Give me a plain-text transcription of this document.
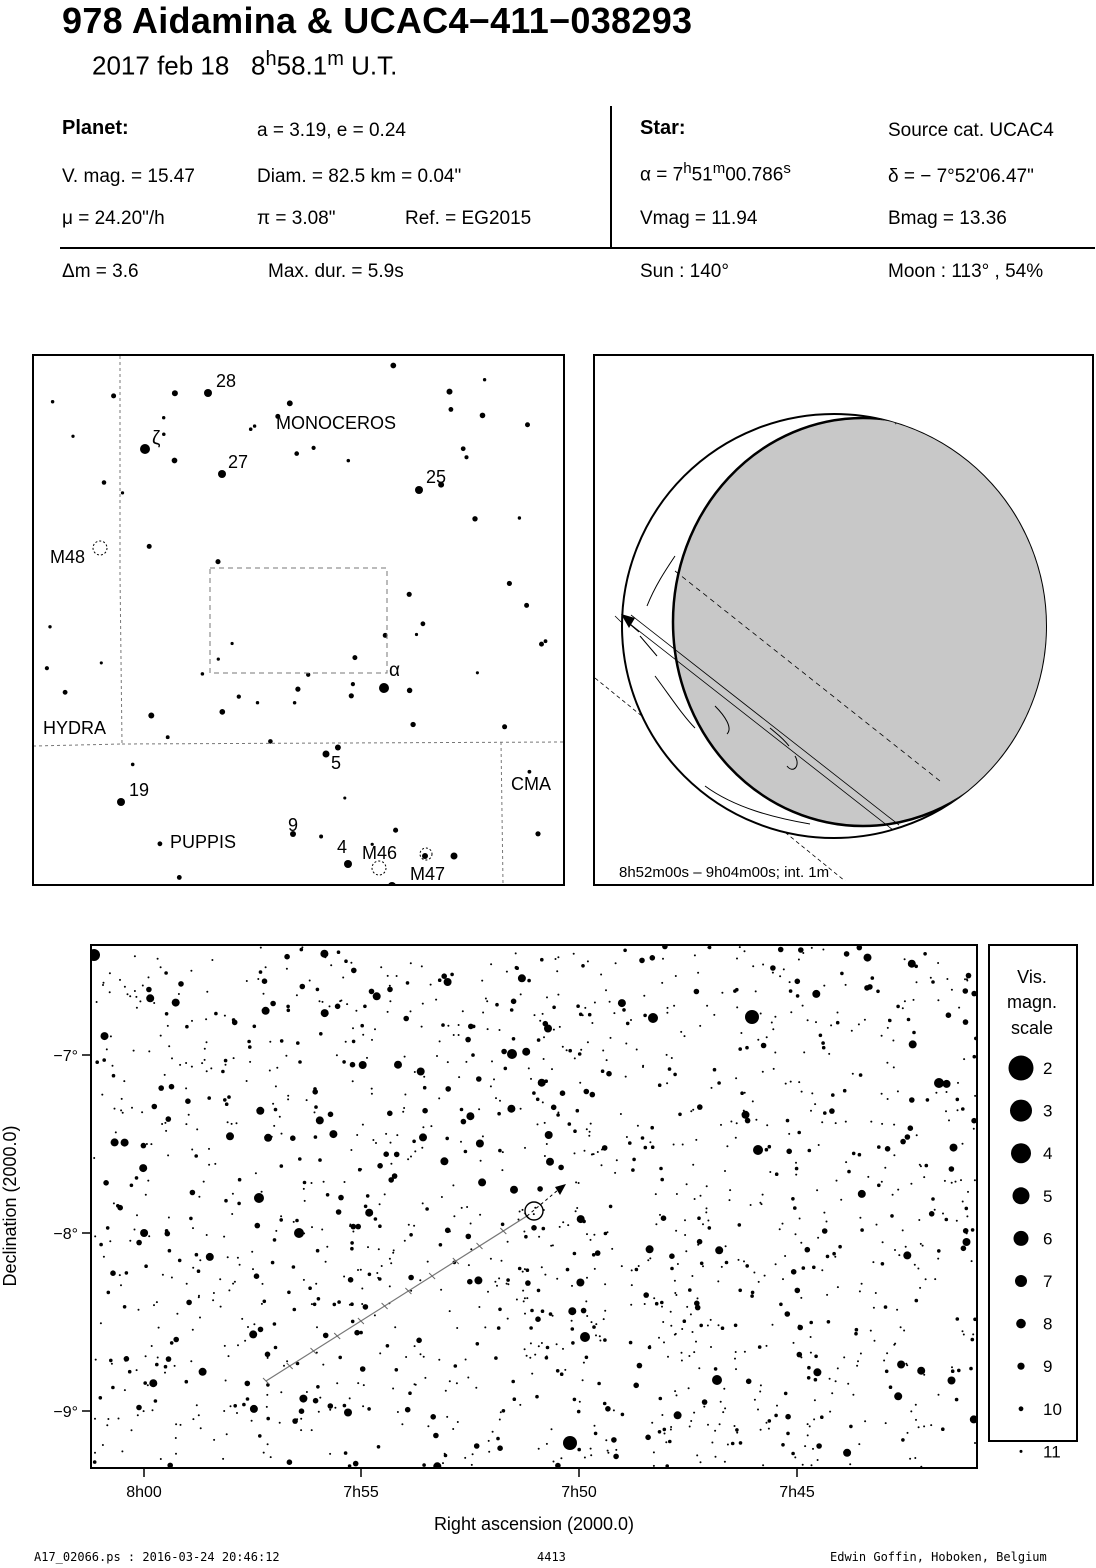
978 Aidamina & UCAC4−411−038293
2017 feb 18 8$^h$58.1$^m$ U.T.
Planet:	a = 3.19, e = 0.24
V. mag. = 15.47	Diam. = 82.5 km = 0.04"
μ = 24.20"/h	π = 3.08"	Ref. = EG2015
Δm = 3.6	Max. dur. = 5.9s
Star:	Source cat. UCAC4
$\alpha = 7^h51^m00.786^s$	δ = − 7°52'06.47"
Vmag = 11.94	Bmag = 13.36
Sun : 140°	Moon : 113° , 54%
MONOCEROS
HYDRA
PUPPIS
CMA
M48
M46
M47
28
27
25
19
5
9
4
ζ
α
8h52m00s – 9h04m00s; int. 1m
−7°
−8°
−9°
8h00	7h55	7h50	7h45
Right ascension (2000.0)
Declination (2000.0)
Vis.
magn.
scale
2
3
4
5
6
7
8
9
10
11
A17_02066.ps : 2016-03-24 20:46:12	4413	Edwin Goffin, Hoboken, Belgium
